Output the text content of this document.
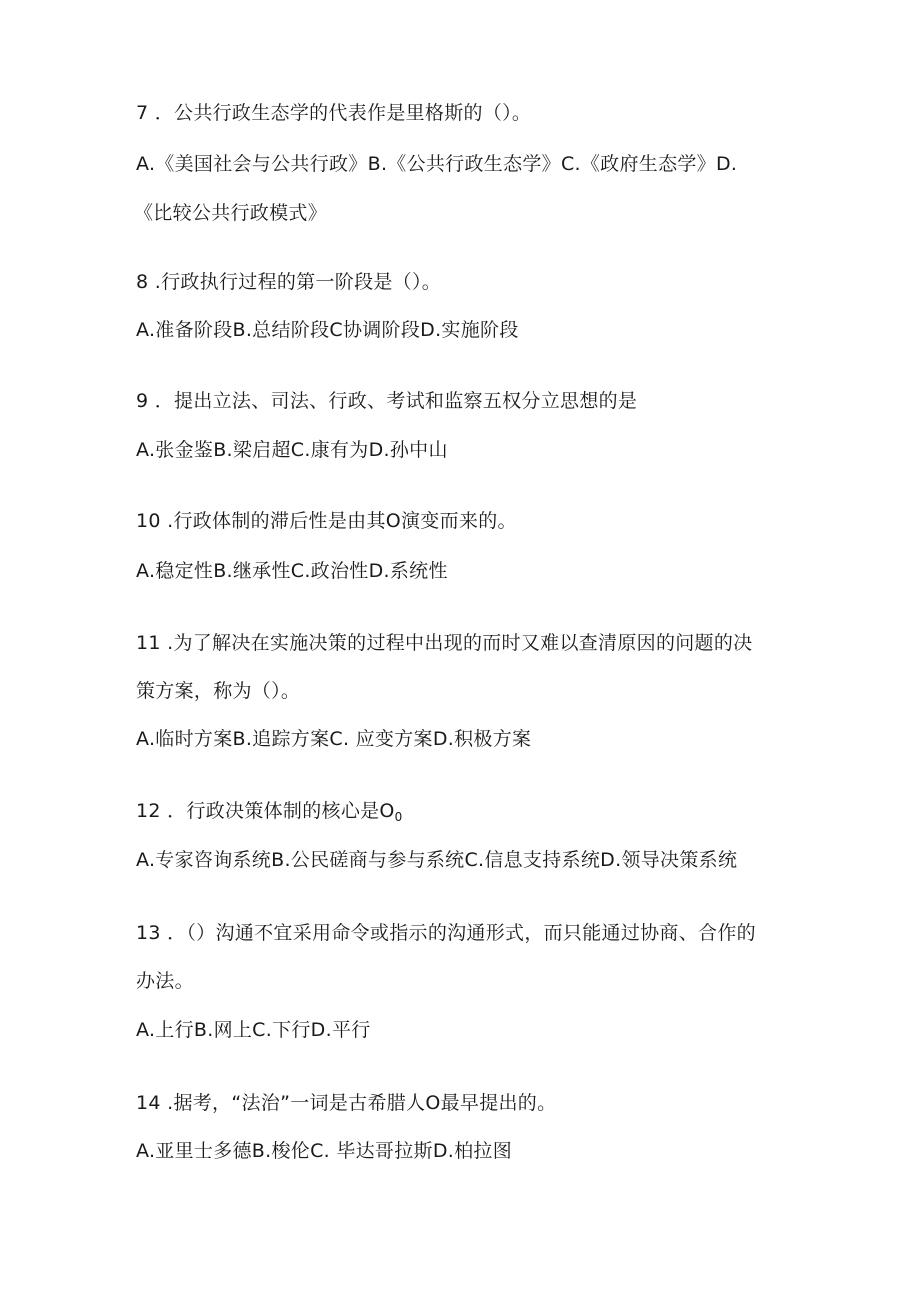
7 ．公共行政生态学的代表作是里格斯的（）。
A.《美国社会与公共行政》B.《公共行政生态学》C.《政府生态学》D.
《比较公共行政模式》
8 .行政执行过程的第一阶段是（）。
A.准备阶段B.总结阶段C协调阶段D.实施阶段
9 ．提出立法、司法、行政、考试和监察五权分立思想的是
A.张金鉴B.梁启超C.康有为D.孙中山
10 .行政体制的滞后性是由其O演变而来的。
A.稳定性B.继承性C.政治性D.系统性
11 .为了解决在实施决策的过程中出现的而时又难以查清原因的问题的决
策方案，称为（）。
A.临时方案B.追踪方案C. 应变方案D.积极方案
12 ．行政决策体制的核心是$O_0$
A.专家咨询系统B.公民磋商与参与系统C.信息支持系统D.领导决策系统
13 ．（）沟通不宜采用命令或指示的沟通形式，而只能通过协商、合作的
办法。
A.上行B.网上C.下行D.平行
14 .据考，“法治”一词是古希腊人O最早提出的。
A.亚里士多德B.梭伦C. 毕达哥拉斯D.柏拉图
